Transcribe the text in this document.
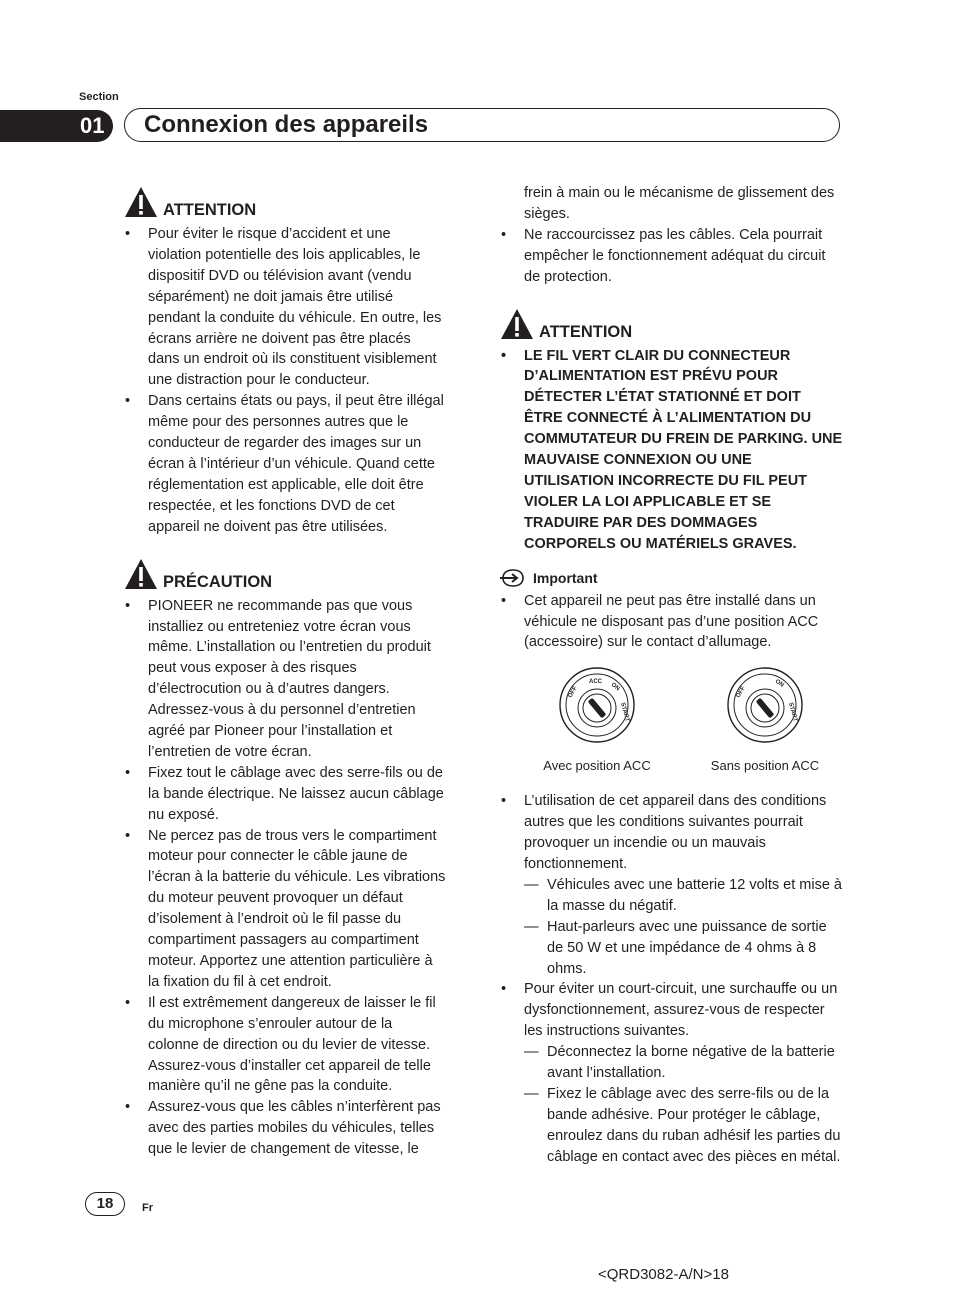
Section
01	Connexion des appareils
ATTENTION
• Pour éviter le risque d’accident et une violation potentielle des lois applicables, le dispositif DVD ou télévision avant (vendu séparément) ne doit jamais être utilisé pendant la conduite du véhicule. En outre, les écrans arrière ne doivent pas être placés dans un endroit où ils constituent visiblement une distraction pour le conducteur.
• Dans certains états ou pays, il peut être illégal même pour des personnes autres que le conducteur de regarder des images sur un écran à l’intérieur d’un véhicule. Quand cette réglementation est applicable, elle doit être respectée, et les fonctions DVD de cet appareil ne doivent pas être utilisées.
PRÉCAUTION
• PIONEER ne recommande pas que vous installiez ou entreteniez votre écran vous même. L’installation ou l’entretien du produit peut vous exposer à des risques d’électrocution ou à d’autres dangers. Adressez-vous à du personnel d’entretien agréé par Pioneer pour l’installation et l’entretien de votre écran.
• Fixez tout le câblage avec des serre-fils ou de la bande électrique. Ne laissez aucun câblage nu exposé.
• Ne percez pas de trous vers le compartiment moteur pour connecter le câble jaune de l’écran à la batterie du véhicule. Les vibrations du moteur peuvent provoquer un défaut d’isolement à l’endroit où le fil passe du compartiment passagers au compartiment moteur. Apportez une attention particulière à la fixation du fil à cet endroit.
• Il est extrêmement dangereux de laisser le fil du microphone s’enrouler autour de la colonne de direction ou du levier de vitesse. Assurez-vous d’installer cet appareil de telle manière qu’il ne gêne pas la conduite.
• Assurez-vous que les câbles n’interfèrent pas avec des parties mobiles du véhicules, telles que le levier de changement de vitesse, le
frein à main ou le mécanisme de glissement des sièges.
• Ne raccourcissez pas les câbles. Cela pourrait empêcher le fonctionnement adéquat du circuit de protection.
ATTENTION
• LE FIL VERT CLAIR DU CONNECTEUR D’ALIMENTATION EST PRÉVU POUR DÉTECTER L’ÉTAT STATIONNÉ ET DOIT ÊTRE CONNECTÉ À L’ALIMENTATION DU COMMUTATEUR DU FREIN DE PARKING. UNE MAUVAISE CONNEXION OU UNE UTILISATION INCORRECTE DU FIL PEUT VIOLER LA LOI APPLICABLE ET SE TRADUIRE PAR DES DOMMAGES CORPORELS OU MATÉRIELS GRAVES.
Important
• Cet appareil ne peut pas être installé dans un véhicule ne disposant pas d’une position ACC (accessoire) sur le contact d’allumage.
OFF
ACC ON
START
Avec position ACC
OFF
ON
START
Sans position ACC
• L’utilisation de cet appareil dans des conditions autres que les conditions suivantes pourrait provoquer un incendie ou un mauvais fonctionnement.
— Véhicules avec une batterie 12 volts et mise à la masse du négatif.
— Haut-parleurs avec une puissance de sortie de 50 W et une impédance de 4 ohms à 8 ohms.
• Pour éviter un court-circuit, une surchauffe ou un dysfonctionnement, assurez-vous de respecter les instructions suivantes.
— Déconnectez la borne négative de la batterie avant l’installation.
— Fixez le câblage avec des serre-fils ou de la bande adhésive. Pour protéger le câblage, enroulez dans du ruban adhésif les parties du câblage en contact avec des pièces en métal.
18	Fr
<QRD3082-A/N>18
